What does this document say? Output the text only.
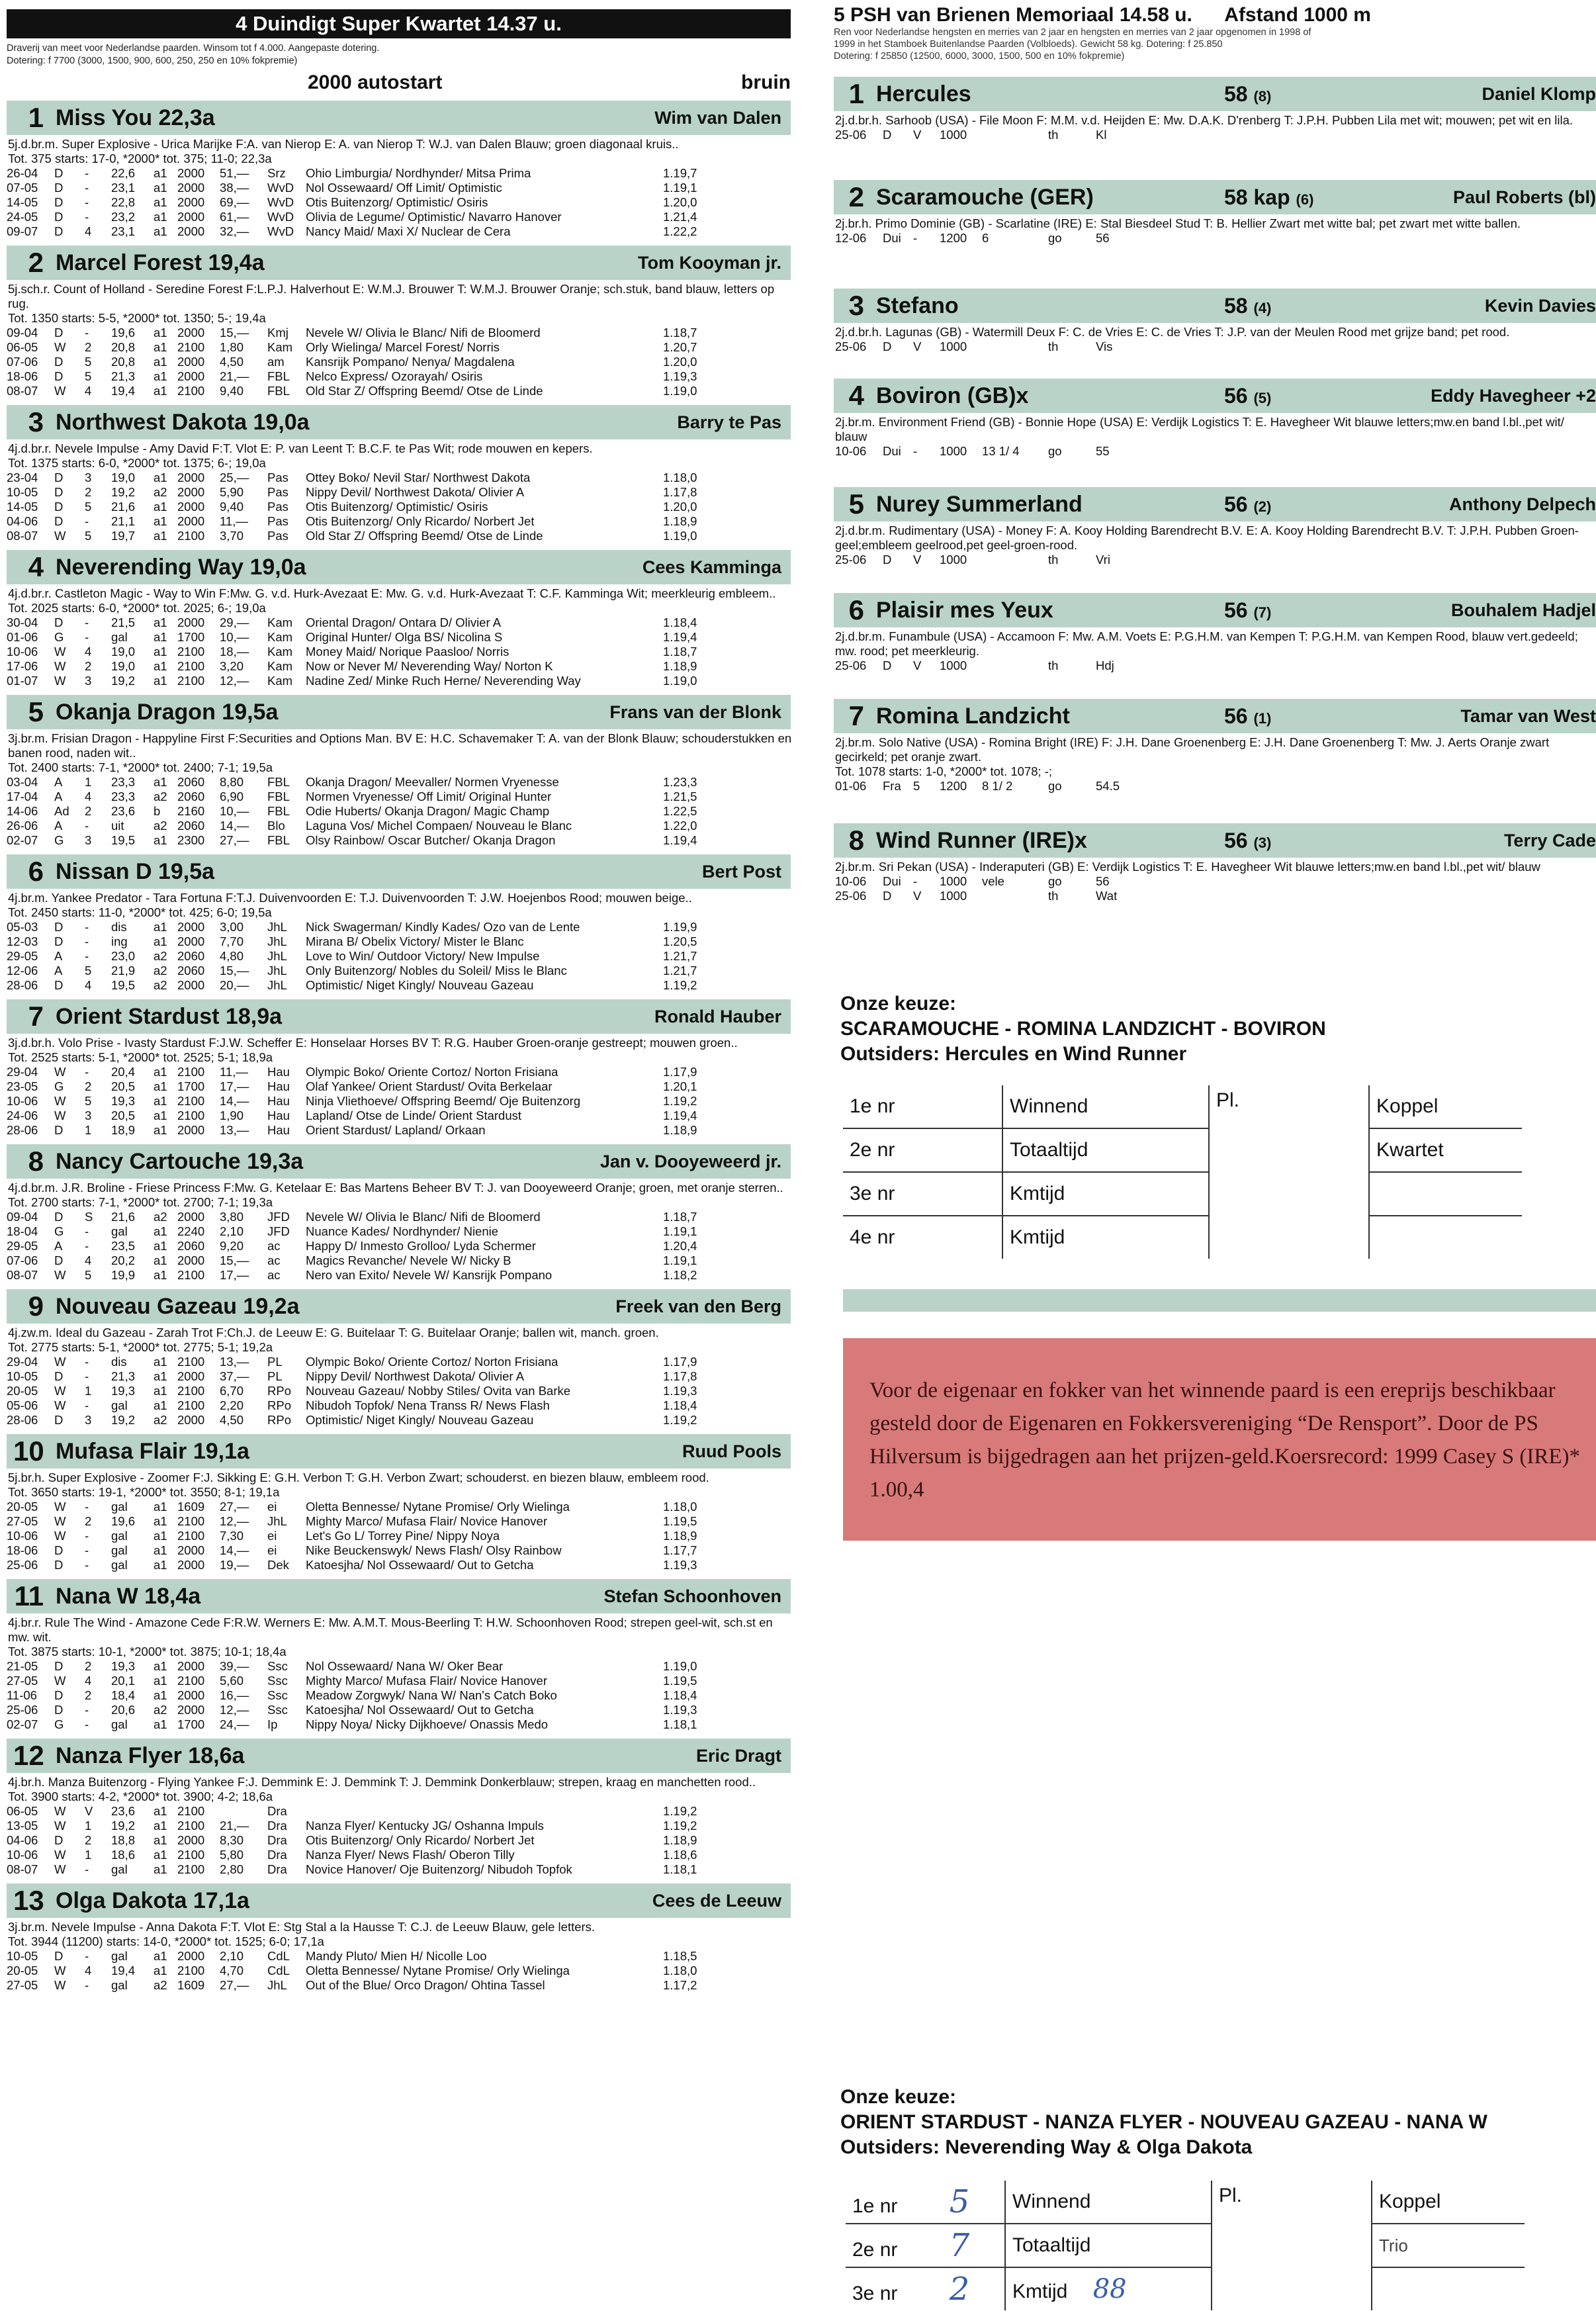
4 Duindigt Super Kwartet 14.37 u.
Draverij van meet voor Nederlandse paarden. Winsom tot f 4.000. Aangepaste dotering.
Dotering: f 7700 (3000, 1500, 900, 600, 250, 250 en 10% fokpremie)
2000 autostart	bruin
1 Miss You 22,3a	Wim van Dalen
5j.d.br.m. Super Explosive - Urica Marijke F:A. van Nierop E: A. van Nierop T: W.J. van Dalen Blauw; groen diagonaal kruis..
Tot. 375 starts: 17-0, *2000* tot. 375; 11-0; 22,3a
26-04	D	-	22,6	a1	2000	51,—	Srz	Ohio Limburgia/ Nordhynder/ Mitsa Prima	1.19,7
07-05	D	-	23,1	a1	2000	38,—	WvD	Nol Ossewaard/ Off Limit/ Optimistic	1.19,1
14-05	D	-	22,8	a1	2000	69,—	WvD	Otis Buitenzorg/ Optimistic/ Osiris	1.20,0
24-05	D	-	23,2	a1	2000	61,—	WvD	Olivia de Legume/ Optimistic/ Navarro Hanover	1.21,4
09-07	D	4	23,1	a1	2000	32,—	WvD	Nancy Maid/ Maxi X/ Nuclear de Cera	1.22,2
2 Marcel Forest 19,4a	Tom Kooyman jr.
5j.sch.r. Count of Holland - Seredine Forest F:L.P.J. Halverhout E: W.M.J. Brouwer T: W.M.J. Brouwer Oranje; sch.stuk, band blauw, letters op rug.
Tot. 1350 starts: 5-5, *2000* tot. 1350; 5-; 19,4a
09-04	D	-	19,6	a1	2000	15,—	Kmj	Nevele W/ Olivia le Blanc/ Nifi de Bloomerd	1.18,7
06-05	W	2	20,8	a1	2100	1,80	Kam	Orly Wielinga/ Marcel Forest/ Norris	1.20,7
07-06	D	5	20,8	a1	2000	4,50	am	Kansrijk Pompano/ Nenya/ Magdalena	1.20,0
18-06	D	5	21,3	a1	2000	21,—	FBL	Nelco Express/ Ozorayah/ Osiris	1.19,3
08-07	W	4	19,4	a1	2100	9,40	FBL	Old Star Z/ Offspring Beemd/ Otse de Linde	1.19,0
3 Northwest Dakota 19,0a	Barry te Pas
4j.d.br.r. Nevele Impulse - Amy David F:T. Vlot E: P. van Leent T: B.C.F. te Pas Wit; rode mouwen en kepers.
Tot. 1375 starts: 6-0, *2000* tot. 1375; 6-; 19,0a
23-04	D	3	19,0	a1	2000	25,—	Pas	Ottey Boko/ Nevil Star/ Northwest Dakota	1.18,0
10-05	D	2	19,2	a2	2000	5,90	Pas	Nippy Devil/ Northwest Dakota/ Olivier A	1.17,8
14-05	D	5	21,6	a1	2000	9,40	Pas	Otis Buitenzorg/ Optimistic/ Osiris	1.20,0
04-06	D	-	21,1	a1	2000	11,—	Pas	Otis Buitenzorg/ Only Ricardo/ Norbert Jet	1.18,9
08-07	W	5	19,7	a1	2100	3,70	Pas	Old Star Z/ Offspring Beemd/ Otse de Linde	1.19,0
4 Neverending Way 19,0a	Cees Kamminga
4j.d.br.r. Castleton Magic - Way to Win F:Mw. G. v.d. Hurk-Avezaat E: Mw. G. v.d. Hurk-Avezaat T: C.F. Kamminga Wit; meerkleurig embleem..
Tot. 2025 starts: 6-0, *2000* tot. 2025; 6-; 19,0a
30-04	D	-	21,5	a1	2000	29,—	Kam	Oriental Dragon/ Ontara D/ Olivier A	1.18,4
01-06	G	-	gal	a1	1700	10,—	Kam	Original Hunter/ Olga BS/ Nicolina S	1.19,4
10-06	W	4	19,0	a1	2100	18,—	Kam	Money Maid/ Norique Paasloo/ Norris	1.18,7
17-06	W	2	19,0	a1	2100	3,20	Kam	Now or Never M/ Neverending Way/ Norton K	1.18,9
01-07	W	3	19,2	a1	2100	12,—	Kam	Nadine Zed/ Minke Ruch Herne/ Neverending Way	1.19,0
5 Okanja Dragon 19,5a	Frans van der Blonk
3j.br.m. Frisian Dragon - Happyline First F:Securities and Options Man. BV E: H.C. Schavemaker T: A. van der Blonk Blauw; schouderstukken en banen rood, naden wit..
Tot. 2400 starts: 7-1, *2000* tot. 2400; 7-1; 19,5a
03-04	A	1	23,3	a1	2060	8,80	FBL	Okanja Dragon/ Meevaller/ Normen Vryenesse	1.23,3
17-04	A	4	23,3	a2	2060	6,90	FBL	Normen Vryenesse/ Off Limit/ Original Hunter	1.21,5
14-06	Ad	2	23,6	b	2160	10,—	FBL	Odie Huberts/ Okanja Dragon/ Magic Champ	1.22,5
26-06	A	-	uit	a2	2060	14,—	Blo	Laguna Vos/ Michel Compaen/ Nouveau le Blanc	1.22,0
02-07	G	3	19,5	a1	2300	27,—	FBL	Olsy Rainbow/ Oscar Butcher/ Okanja Dragon	1.19,4
6 Nissan D 19,5a	Bert Post
4j.br.m. Yankee Predator - Tara Fortuna F:T.J. Duivenvoorden E: T.J. Duivenvoorden T: J.W. Hoejenbos Rood; mouwen beige..
Tot. 2450 starts: 11-0, *2000* tot. 425; 6-0; 19,5a
05-03	D	-	dis	a1	2000	3,00	JhL	Nick Swagerman/ Kindly Kades/ Ozo van de Lente	1.19,9
12-03	D	-	ing	a1	2000	7,70	JhL	Mirana B/ Obelix Victory/ Mister le Blanc	1.20,5
29-05	A	-	23,0	a2	2060	4,80	JhL	Love to Win/ Outdoor Victory/ New Impulse	1.21,7
12-06	A	5	21,9	a2	2060	15,—	JhL	Only Buitenzorg/ Nobles du Soleil/ Miss le Blanc	1.21,7
28-06	D	4	19,5	a2	2000	20,—	JhL	Optimistic/ Niget Kingly/ Nouveau Gazeau	1.19,2
7 Orient Stardust 18,9a	Ronald Hauber
3j.d.br.h. Volo Prise - Ivasty Stardust F:J.W. Scheffer E: Honselaar Horses BV T: R.G. Hauber Groen-oranje gestreept; mouwen groen..
Tot. 2525 starts: 5-1, *2000* tot. 2525; 5-1; 18,9a
29-04	W	-	20,4	a1	2100	11,—	Hau	Olympic Boko/ Oriente Cortoz/ Norton Frisiana	1.17,9
23-05	G	2	20,5	a1	1700	17,—	Hau	Olaf Yankee/ Orient Stardust/ Ovita Berkelaar	1.20,1
10-06	W	5	19,3	a1	2100	14,—	Hau	Ninja Vliethoeve/ Offspring Beemd/ Oje Buitenzorg	1.19,2
24-06	W	3	20,5	a1	2100	1,90	Hau	Lapland/ Otse de Linde/ Orient Stardust	1.19,4
28-06	D	1	18,9	a1	2000	13,—	Hau	Orient Stardust/ Lapland/ Orkaan	1.18,9
8 Nancy Cartouche 19,3a	Jan v. Dooyeweerd jr.
4j.d.br.m. J.R. Broline - Friese Princess F:Mw. G. Ketelaar E: Bas Martens Beheer BV T: J. van Dooyeweerd Oranje; groen, met oranje sterren..
Tot. 2700 starts: 7-1, *2000* tot. 2700; 7-1; 19,3a
09-04	D	S	21,6	a2	2000	3,80	JFD	Nevele W/ Olivia le Blanc/ Nifi de Bloomerd	1.18,7
18-04	G	-	gal	a1	2240	2,10	JFD	Nuance Kades/ Nordhynder/ Nienie	1.19,1
29-05	A	-	23,5	a1	2060	9,20	ac	Happy D/ Inmesto Grolloo/ Lyda Schermer	1.20,4
07-06	D	4	20,2	a1	2000	15,—	ac	Magics Revanche/ Nevele W/ Nicky B	1.19,1
08-07	W	5	19,9	a1	2100	17,—	ac	Nero van Exito/ Nevele W/ Kansrijk Pompano	1.18,2
9 Nouveau Gazeau 19,2a	Freek van den Berg
4j.zw.m. Ideal du Gazeau - Zarah Trot F:Ch.J. de Leeuw E: G. Buitelaar T: G. Buitelaar Oranje; ballen wit, manch. groen.
Tot. 2775 starts: 5-1, *2000* tot. 2775; 5-1; 19,2a
29-04	W	-	dis	a1	2100	13,—	PL	Olympic Boko/ Oriente Cortoz/ Norton Frisiana	1.17,9
10-05	D	-	21,3	a1	2000	37,—	PL	Nippy Devil/ Northwest Dakota/ Olivier A	1.17,8
20-05	W	1	19,3	a1	2100	6,70	RPo	Nouveau Gazeau/ Nobby Stiles/ Ovita van Barke	1.19,3
05-06	W	-	gal	a1	2100	2,20	RPo	Nibudoh Topfok/ Nena Transs R/ News Flash	1.18,4
28-06	D	3	19,2	a2	2000	4,50	RPo	Optimistic/ Niget Kingly/ Nouveau Gazeau	1.19,2
10 Mufasa Flair 19,1a	Ruud Pools
5j.br.h. Super Explosive - Zoomer F:J. Sikking E: G.H. Verbon T: G.H. Verbon Zwart; schouderst. en biezen blauw, embleem rood.
Tot. 3650 starts: 19-1, *2000* tot. 3550; 8-1; 19,1a
20-05	W	-	gal	a1	1609	27,—	ei	Oletta Bennesse/ Nytane Promise/ Orly Wielinga	1.18,0
27-05	W	2	19,6	a1	2100	12,—	JhL	Mighty Marco/ Mufasa Flair/ Novice Hanover	1.19,5
10-06	W	-	gal	a1	2100	7,30	ei	Let's Go L/ Torrey Pine/ Nippy Noya	1.18,9
18-06	D	-	gal	a1	2000	14,—	ei	Nike Beuckenswyk/ News Flash/ Olsy Rainbow	1.17,7
25-06	D	-	gal	a1	2000	19,—	Dek	Katoesjha/ Nol Ossewaard/ Out to Getcha	1.19,3
11 Nana W 18,4a	Stefan Schoonhoven
4j.br.r. Rule The Wind - Amazone Cede F:R.W. Werners E: Mw. A.M.T. Mous-Beerling T: H.W. Schoonhoven Rood; strepen geel-wit, sch.st en mw. wit.
Tot. 3875 starts: 10-1, *2000* tot. 3875; 10-1; 18,4a
21-05	D	2	19,3	a1	2000	39,—	Ssc	Nol Ossewaard/ Nana W/ Oker Bear	1.19,0
27-05	W	4	20,1	a1	2100	5,60	Ssc	Mighty Marco/ Mufasa Flair/ Novice Hanover	1.19,5
11-06	D	2	18,4	a1	2000	16,—	Ssc	Meadow Zorgwyk/ Nana W/ Nan's Catch Boko	1.18,4
25-06	D	-	20,6	a2	2000	12,—	Ssc	Katoesjha/ Nol Ossewaard/ Out to Getcha	1.19,3
02-07	G	-	gal	a1	1700	24,—	Ip	Nippy Noya/ Nicky Dijkhoeve/ Onassis Medo	1.18,1
12 Nanza Flyer 18,6a	Eric Dragt
4j.br.h. Manza Buitenzorg - Flying Yankee F:J. Demmink E: J. Demmink T: J. Demmink Donkerblauw; strepen, kraag en manchetten rood..
Tot. 3900 starts: 4-2, *2000* tot. 3900; 4-2; 18,6a
06-05	W	V	23,6	a1	2100		Dra		1.19,2
13-05	W	1	19,2	a1	2100	21,—	Dra	Nanza Flyer/ Kentucky JG/ Oshanna Impuls	1.19,2
04-06	D	2	18,8	a1	2000	8,30	Dra	Otis Buitenzorg/ Only Ricardo/ Norbert Jet	1.18,9
10-06	W	1	18,6	a1	2100	5,80	Dra	Nanza Flyer/ News Flash/ Oberon Tilly	1.18,6
08-07	W	-	gal	a1	2100	2,80	Dra	Novice Hanover/ Oje Buitenzorg/ Nibudoh Topfok	1.18,1
13 Olga Dakota 17,1a	Cees de Leeuw
3j.br.m. Nevele Impulse - Anna Dakota F:T. Vlot E: Stg Stal a la Hausse T: C.J. de Leeuw Blauw, gele letters.
Tot. 3944 (11200) starts: 14-0, *2000* tot. 1525; 6-0; 17,1a
10-05	D	-	gal	a1	2000	2,10	CdL	Mandy Pluto/ Mien H/ Nicolle Loo	1.18,5
20-05	W	4	19,4	a1	2100	4,70	CdL	Oletta Bennesse/ Nytane Promise/ Orly Wielinga	1.18,0
27-05	W	-	gal	a2	1609	27,—	JhL	Out of the Blue/ Orco Dragon/ Ohtina Tassel	1.17,2
5 PSH van Brienen Memoriaal 14.58 u. Afstand 1000 m
Ren voor Nederlandse hengsten en merries van 2 jaar en hengsten en merries van 2 jaar opgenomen in 1998 of
1999 in het Stamboek Buitenlandse Paarden (Volbloeds). Gewicht 58 kg. Dotering: f 25.850
Dotering: f 25850 (12500, 6000, 3000, 1500, 500 en 10% fokpremie)
1 Hercules	58 (8)	Daniel Klomp
2j.d.br.h. Sarhoob (USA) - File Moon F: M.M. v.d. Heijden E: Mw. D.A.K. D'renberg T: J.P.H. Pubben Lila met wit; mouwen; pet wit en lila.
25-06	D	V	1000			th	Kl	
2 Scaramouche (GER)	58 kap (6)	Paul Roberts (bl)
2j.br.h. Primo Dominie (GB) - Scarlatine (IRE) E: Stal Biesdeel Stud T: B. Hellier Zwart met witte bal; pet zwart met witte ballen.
12-06	Dui	-	1200	6		go	56	
3 Stefano	58 (4)	Kevin Davies
2j.d.br.h. Lagunas (GB) - Watermill Deux F: C. de Vries E: C. de Vries T: J.P. van der Meulen Rood met grijze band; pet rood.
25-06	D	V	1000			th	Vis	
4 Boviron (GB)x	56 (5)	Eddy Havegheer +2
2j.br.m. Environment Friend (GB) - Bonnie Hope (USA) E: Verdijk Logistics T: E. Havegheer Wit blauwe letters;mw.en band l.bl.,pet wit/ blauw
10-06	Dui	-	1000	13 1/ 4		go	55	
5 Nurey Summerland	56 (2)	Anthony Delpech
2j.d.br.m. Rudimentary (USA) - Money F: A. Kooy Holding Barendrecht B.V. E: A. Kooy Holding Barendrecht B.V. T: J.P.H. Pubben Groen-geel;embleem geelrood,pet geel-groen-rood.
25-06	D	V	1000			th	Vri	
6 Plaisir mes Yeux	56 (7)	Bouhalem Hadjel
2j.d.br.m. Funambule (USA) - Accamoon F: Mw. A.M. Voets E: P.G.H.M. van Kempen T: P.G.H.M. van Kempen Rood, blauw vert.gedeeld; mw. rood; pet meerkleurig.
25-06	D	V	1000			th	Hdj	
7 Romina Landzicht	56 (1)	Tamar van West
2j.br.m. Solo Native (USA) - Romina Bright (IRE) F: J.H. Dane Groenenberg E: J.H. Dane Groenenberg T: Mw. J. Aerts Oranje zwart gecirkeld; pet oranje zwart.
Tot. 1078 starts: 1-0, *2000* tot. 1078; -;
01-06	Fra	5	1200	8 1/ 2		go	54.5	
8 Wind Runner (IRE)x	56 (3)	Terry Cade
2j.br.m. Sri Pekan (USA) - Inderaputeri (GB) E: Verdijk Logistics T: E. Havegheer Wit blauwe letters;mw.en band l.bl.,pet wit/ blauw
10-06	Dui	-	1000	vele		go	56	
25-06	D	V	1000			th	Wat	
Onze keuze:
SCARAMOUCHE - ROMINA LANDZICHT - BOVIRON
Outsiders: Hercules en Wind Runner
1e nr	Winnend	Pl.	Koppel
2e nr	Totaaltijd		Kwartet
3e nr	Kmtijd		
4e nr	Kmtijd		
Voor de eigenaar en fokker van het winnende paard is een ereprijs beschikbaar gesteld door de Eigenaren en Fokkersvereniging “De Rensport”. Door de PS Hilversum is bijgedragen aan het prijzen-geld.Koersrecord: 1999 Casey S (IRE)* 1.00,4
Onze keuze:
ORIENT STARDUST - NANZA FLYER - NOUVEAU GAZEAU - NANA W
Outsiders: Neverending Way & Olga Dakota
1e nr 5	Winnend	Pl.	Koppel
2e nr 7	Totaaltijd		Trio
3e nr 2	Kmtijd 88		
